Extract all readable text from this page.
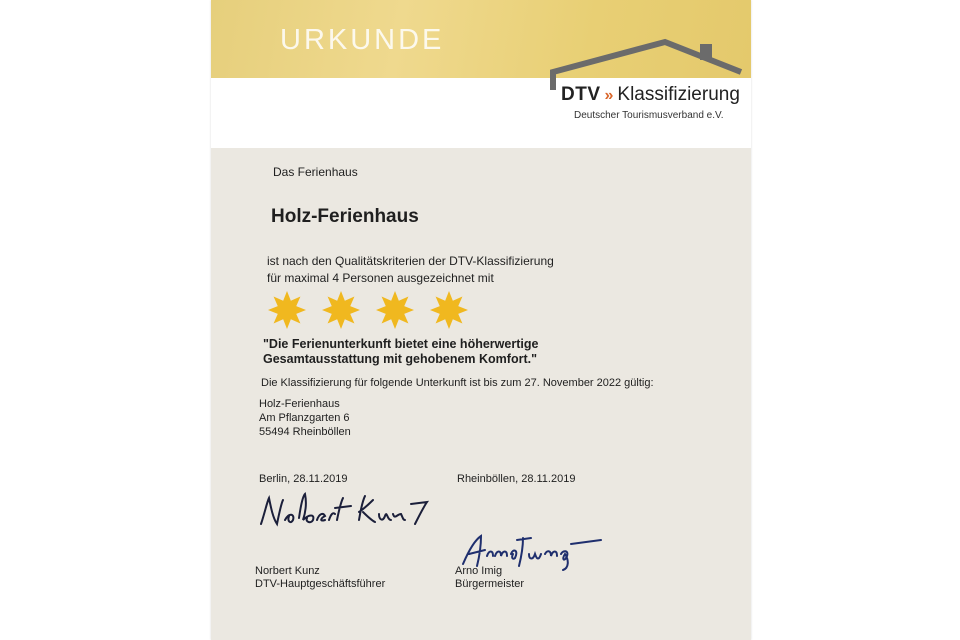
URKUNDE
DTV » Klassifizierung
Deutscher Tourismusverband e.V.
Das Ferienhaus
Holz-Ferienhaus
ist nach den Qualitätskriterien der DTV-Klassifizierung
für maximal 4 Personen ausgezeichnet mit
"Die Ferienunterkunft bietet eine höherwertige
Gesamtausstattung mit gehobenem Komfort."
Die Klassifizierung für folgende Unterkunft ist bis zum 27. November 2022 gültig:
Holz-Ferienhaus
Am Pflanzgarten 6
55494 Rheinböllen
Berlin, 28.11.2019	Rheinböllen, 28.11.2019
Norbert Kunz
DTV-Hauptgeschäftsführer
Arno Imig
Bürgermeister
